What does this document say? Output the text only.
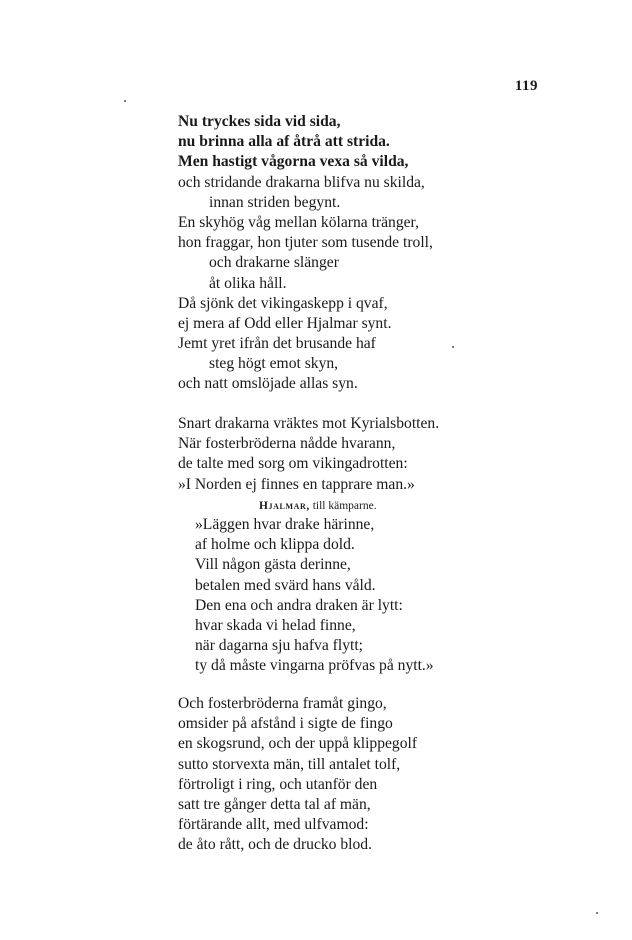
119
Nu tryckes sida vid sida,
nu brinna alla af åtrå att strida.
Men hastigt vågorna vexa så vilda,
och stridande drakarna blifva nu skilda,
innan striden begynt.
En skyhög våg mellan kölarna tränger,
hon fraggar, hon tjuter som tusende troll,
och drakarne slänger
åt olika håll.
Då sjönk det vikingaskepp i qvaf,
ej mera af Odd eller Hjalmar synt.
Jemt yret ifrån det brusande haf
steg högt emot skyn,
och natt omslöjade allas syn.
Snart drakarna vräktes mot Kyrialsbotten.
När fosterbröderna nådde hvarann,
de talte med sorg om vikingadrotten:
»I Norden ej finnes en tapprare man.»
Hjalmar, till kämparne.
»Läggen hvar drake härinne,
af holme och klippa dold.
Vill någon gästa derinne,
betalen med svärd hans våld.
Den ena och andra draken är lytt:
hvar skada vi helad finne,
när dagarna sju hafva flytt;
ty då måste vingarna pröfvas på nytt.»
Och fosterbröderna framåt gingo,
omsider på afstånd i sigte de fingo
en skogsrund, och der uppå klippegolf
sutto storvexta män, till antalet tolf,
förtroligt i ring, och utanför den
satt tre gånger detta tal af män,
förtärande allt, med ulfvamod:
de åto rått, och de drucko blod.
